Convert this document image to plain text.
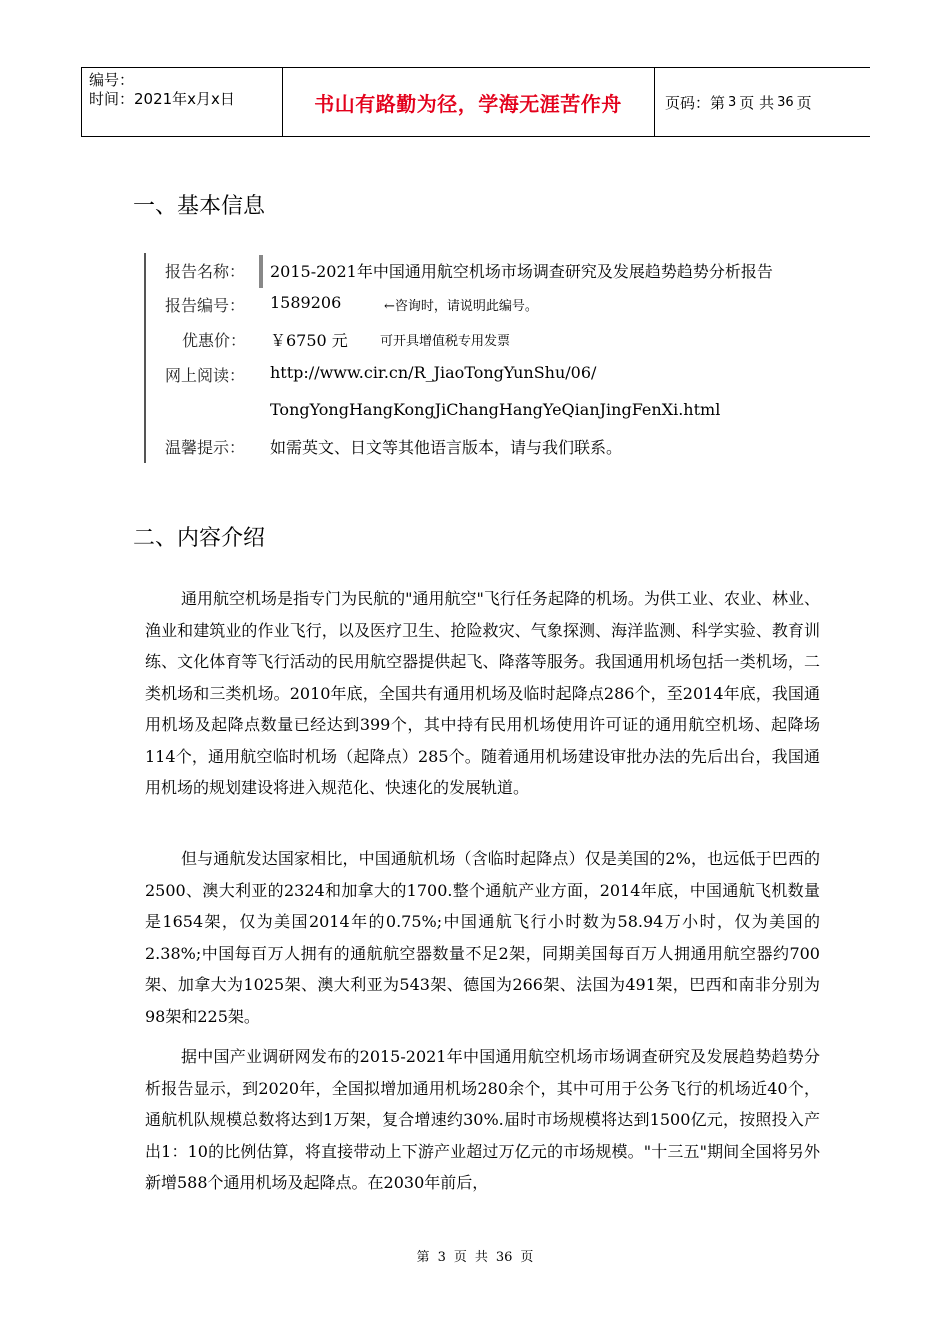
编号：
时间：2021年x月x日	书山有路勤为径，学海无涯苦作舟	页码：第 3 页 共 36 页
一、基本信息
报告名称： 2015-2021年中国通用航空机场市场调查研究及发展趋势趋势分析报告
报告编号： 1589206	←咨询时，请说明此编号。
优惠价： ￥6750 元 可开具增值税专用发票
网上阅读： http://www.cir.cn/R_JiaoTongYunShu/06/
TongYongHangKongJiChangHangYeQianJingFenXi.html
温馨提示： 如需英文、日文等其他语言版本，请与我们联系。
二、内容介绍

通用航空机场是指专门为民航的"通用航空"飞行任务起降的机场。为供工业、农业、林业、渔业和建筑业的作业飞行，以及医疗卫生、抢险救灾、气象探测、海洋监测、科学实验、教育训练、文化体育等飞行活动的民用航空器提供起飞、降落等服务。我国通用机场包括一类机场，二类机场和三类机场。2010年底，全国共有通用机场及临时起降点286个，至2014年底，我国通用机场及起降点数量已经达到399个，其中持有民用机场使用许可证的通用航空机场、起降场114个，通用航空临时机场（起降点）285个。随着通用机场建设审批办法的先后出台，我国通用机场的规划建设将进入规范化、快速化的发展轨道。

但与通航发达国家相比，中国通航机场（含临时起降点）仅是美国的2%，也远低于巴西的2500、澳大利亚的2324和加拿大的1700.整个通航产业方面，2014年底，中国通航飞机数量是1654架，仅为美国2014年的0.75%;中国通航飞行小时数为58.94万小时，仅为美国的2.38%;中国每百万人拥有的通航航空器数量不足2架，同期美国每百万人拥通用航空器约700架、加拿大为1025架、澳大利亚为543架、德国为266架、法国为491架，巴西和南非分别为98架和225架。

据中国产业调研网发布的2015-2021年中国通用航空机场市场调查研究及发展趋势趋势分析报告显示，到2020年，全国拟增加通用机场280余个，其中可用于公务飞行的机场近40个，通航机队规模总数将达到1万架，复合增速约30%.届时市场规模将达到1500亿元，按照投入产出1：10的比例估算，将直接带动上下游产业超过万亿元的市场规模。"十三五"期间全国将另外新增588个通用机场及起降点。在2030年前后，

第 3 页 共 36 页
